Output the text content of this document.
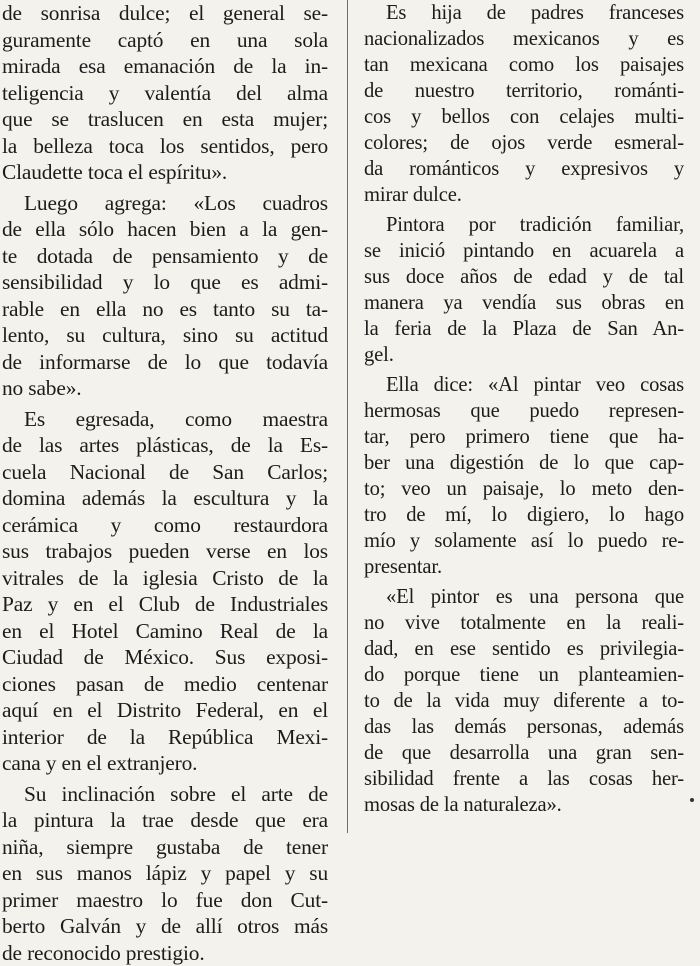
de sonrisa dulce; el general se-
guramente captó en una sola
mirada esa emanación de la in-
teligencia y valentía del alma
que se traslucen en esta mujer;
la belleza toca los sentidos, pero
Claudette toca el espíritu».
Luego agrega: «Los cuadros
de ella sólo hacen bien a la gen-
te dotada de pensamiento y de
sensibilidad y lo que es admi-
rable en ella no es tanto su ta-
lento, su cultura, sino su actitud
de informarse de lo que todavía
no sabe».
Es egresada, como maestra
de las artes plásticas, de la Es-
cuela Nacional de San Carlos;
domina además la escultura y la
cerámica y como restaurdora
sus trabajos pueden verse en los
vitrales de la iglesia Cristo de la
Paz y en el Club de Industriales
en el Hotel Camino Real de la
Ciudad de México. Sus exposi-
ciones pasan de medio centenar
aquí en el Distrito Federal, en el
interior de la República Mexi-
cana y en el extranjero.
Su inclinación sobre el arte de
la pintura la trae desde que era
niña, siempre gustaba de tener
en sus manos lápiz y papel y su
primer maestro lo fue don Cut-
berto Galván y de allí otros más
de reconocido prestigio.
Es hija de padres franceses
nacionalizados mexicanos y es
tan mexicana como los paisajes
de nuestro territorio, románti-
cos y bellos con celajes multi-
colores; de ojos verde esmeral-
da románticos y expresivos y
mirar dulce.
Pintora por tradición familiar,
se inició pintando en acuarela a
sus doce años de edad y de tal
manera ya vendía sus obras en
la feria de la Plaza de San An-
gel.
Ella dice: «Al pintar veo cosas
hermosas que puedo represen-
tar, pero primero tiene que ha-
ber una digestión de lo que cap-
to; veo un paisaje, lo meto den-
tro de mí, lo digiero, lo hago
mío y solamente así lo puedo re-
presentar.
«El pintor es una persona que
no vive totalmente en la reali-
dad, en ese sentido es privilegia-
do porque tiene un planteamien-
to de la vida muy diferente a to-
das las demás personas, además
de que desarrolla una gran sen-
sibilidad frente a las cosas her-
mosas de la naturaleza».
